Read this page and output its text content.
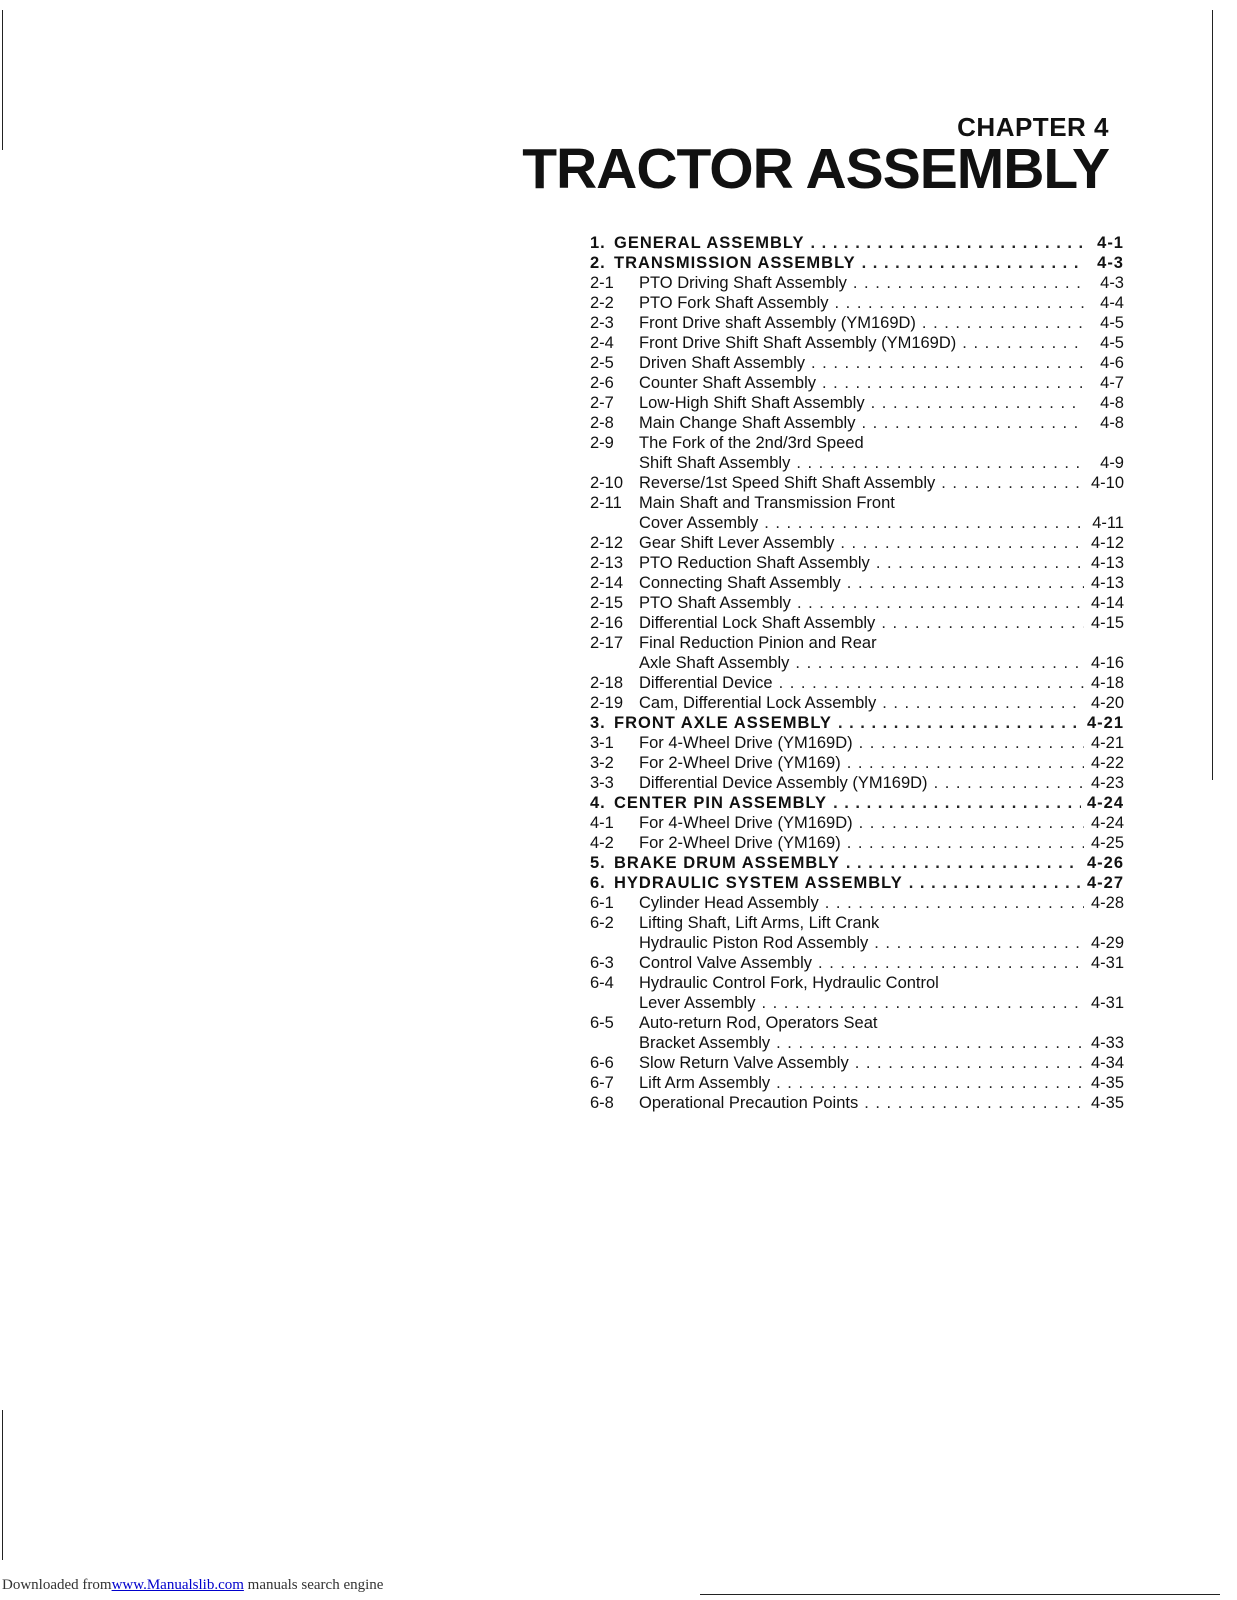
CHAPTER 4
TRACTOR ASSEMBLY
1. GENERAL ASSEMBLY . . .	4-1
2. TRANSMISSION ASSEMBLY . . .	4-3
2-1	PTO Driving Shaft Assembly . . .	4-3
2-2	PTO Fork Shaft Assembly . . .	4-4
2-3	Front Drive shaft Assembly (YM169D) . . .	4-5
2-4	Front Drive Shift Shaft Assembly (YM169D) . . .	4-5
2-5	Driven Shaft Assembly . . .	4-6
2-6	Counter Shaft Assembly . . .	4-7
2-7	Low-High Shift Shaft Assembly . . .	4-8
2-8	Main Change Shaft Assembly . . .	4-8
2-9	The Fork of the 2nd/3rd Speed
Shift Shaft Assembly . . .	4-9
2-10 Reverse/1st Speed Shift Shaft Assembly . . .	4-10
2-11	Main Shaft and Transmission Front
Cover Assembly . . .	4-11
2-12 Gear Shift Lever Assembly . . .	4-12
2-13 PTO Reduction Shaft Assembly . . .	4-13
2-14 Connecting Shaft Assembly . . .	4-13
2-15 PTO Shaft Assembly . . .	4-14
2-16 Differential Lock Shaft Assembly . . .	4-15
2-17 Final Reduction Pinion and Rear
Axle Shaft Assembly . . .	4-16
2-18 Differential Device . . .	4-18
2-19 Cam, Differential Lock Assembly . . .	4-20
3. FRONT AXLE ASSEMBLY . . .	4-21
3-1	For 4-Wheel Drive (YM169D) . . .	4-21
3-2	For 2-Wheel Drive (YM169) . . .	4-22
3-3	Differential Device Assembly (YM169D) . . .	4-23
4. CENTER PIN ASSEMBLY . . .	4-24
4-1	For 4-Wheel Drive (YM169D) . . .	4-24
4-2	For 2-Wheel Drive (YM169) . . .	4-25
5. BRAKE DRUM ASSEMBLY . . .	4-26
6. HYDRAULIC SYSTEM ASSEMBLY . . .	4-27
6-1	Cylinder Head Assembly . . .	4-28
6-2	Lifting Shaft, Lift Arms, Lift Crank
Hydraulic Piston Rod Assembly . . .	4-29
6-3	Control Valve Assembly . . .	4-31
6-4	Hydraulic Control Fork, Hydraulic Control
Lever Assembly . . .	4-31
6-5	Auto-return Rod, Operators Seat
Bracket Assembly . . .	4-33
6-6	Slow Return Valve Assembly . . .	4-34
6-7	Lift Arm Assembly . . .	4-35
6-8	Operational Precaution Points . . .	4-35
Downloaded fromwww.Manualslib.com manuals search engine
